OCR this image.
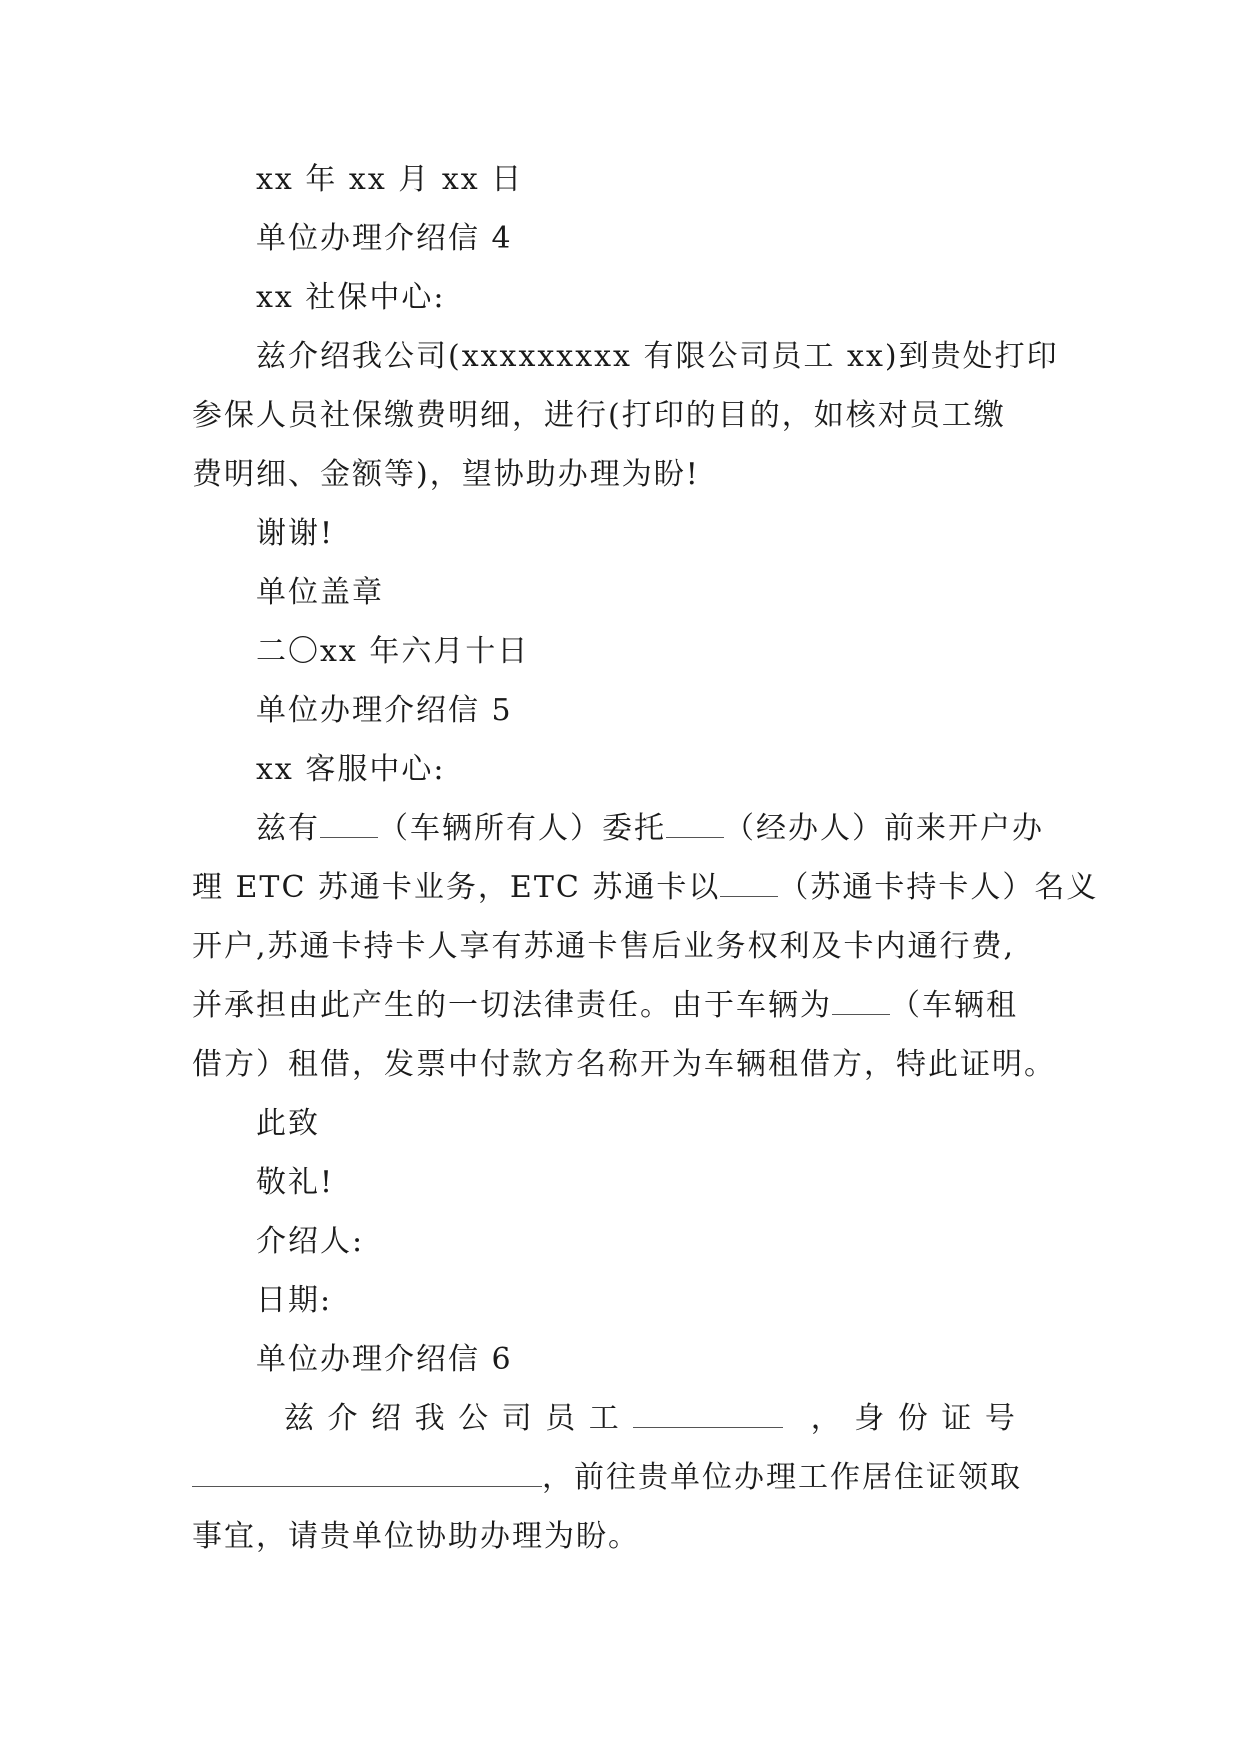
xx 年 xx 月 xx 日
单位办理介绍信 4
xx 社保中心:
兹介绍我公司(xxxxxxxxx 有限公司员工 xx)到贵处打印
参保人员社保缴费明细，进行(打印的目的，如核对员工缴
费明细、金额等)，望协助办理为盼!
谢谢!
单位盖章
二〇xx 年六月十日
单位办理介绍信 5
xx 客服中心:
兹有 （车辆所有人）委托 （经办人）前来开户办
理 ETC 苏通卡业务，ETC 苏通卡以 （苏通卡持卡人）名义
开户,苏通卡持卡人享有苏通卡售后业务权利及卡内通行费,
并承担由此产生的一切法律责任。由于车辆为 （车辆租
借方）租借，发票中付款方名称开为车辆租借方，特此证明。
此致
敬礼!
介绍人:
日期:
单位办理介绍信 6
兹 介 绍 我 公 司 员 工	， 身 份 证 号
，前往贵单位办理工作居住证领取
事宜，请贵单位协助办理为盼。
